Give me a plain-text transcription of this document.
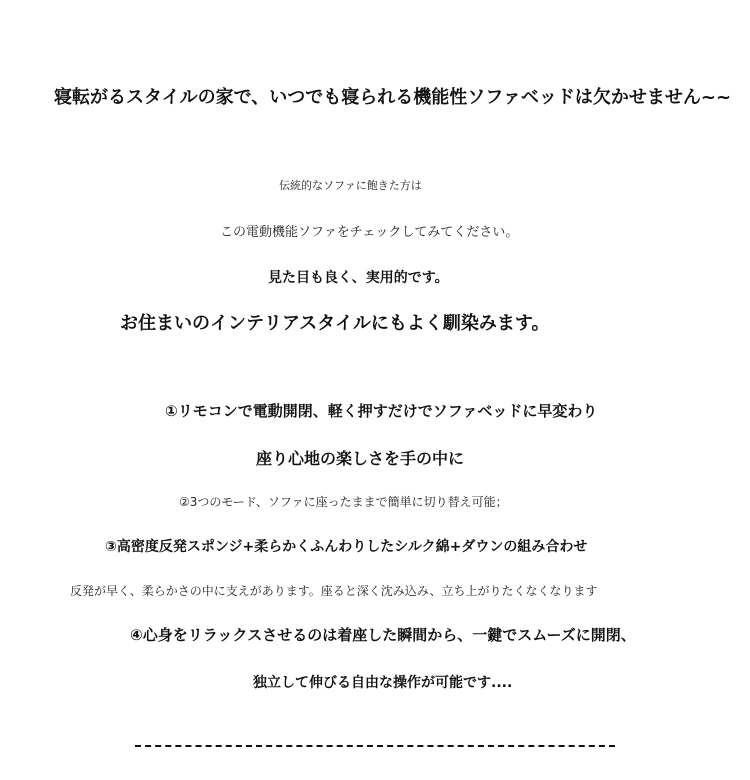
寝転がるスタイルの家で、いつでも寝られる機能性ソファベッドは欠かせません~~
伝統的なソファに飽きた方は
この電動機能ソファをチェックしてみてください。
見た目も良く、実用的です。
お住まいのインテリアスタイルにもよく馴染みます。
①リモコンで電動開閉、軽く押すだけでソファベッドに早変わり
座り心地の楽しさを手の中に
②3つのモード、ソファに座ったままで簡単に切り替え可能；
③高密度反発スポンジ+柔らかくふんわりしたシルク綿+ダウンの組み合わせ
反発が早く、柔らかさの中に支えがあります。座ると深く沈み込み、立ち上がりたくなくなります
④心身をリラックスさせるのは着座した瞬間から、一鍵でスムーズに開閉、
独立して伸びる自由な操作が可能です....
